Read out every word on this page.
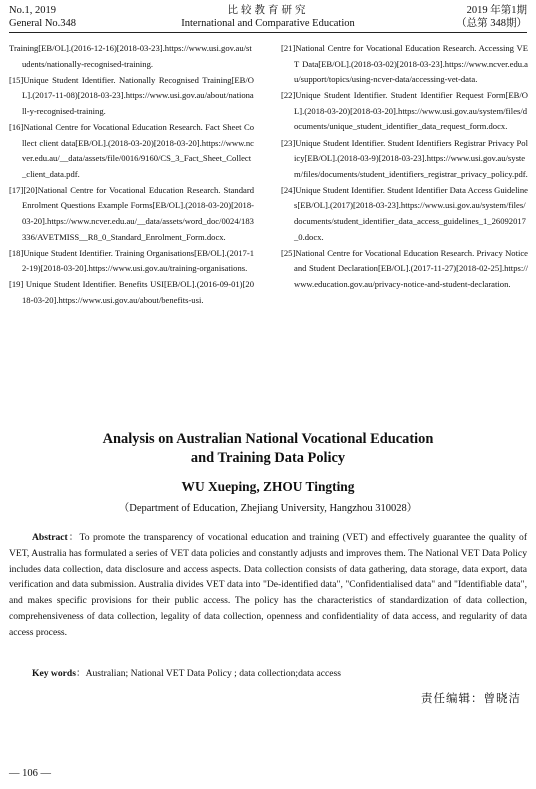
No.1, 2019
General No.348
比较教育研究
International and Comparative Education
2019 年第1期
（总第 348期）

Training[EB/OL].(2016-12-16)[2018-03-23].https://www.usi.gov.au/students/nationally-recognised-training.

[15]Unique Student Identifier. Nationally Recognised Training[EB/OL].(2017-11-08)[2018-03-23].https://www.usi.gov.au/about/nationall-y-recognised-training.

[16]National Centre for Vocational Education Research. Fact Sheet Collect client data[EB/OL].(2018-03-20)[2018-03-20].https://www.ncver.edu.au/__data/assets/file/0016/9160/CS_3_Fact_Sheet_Collect_client_data.pdf.

[17][20]National Centre for Vocational Education Research. Standard Enrolment Questions Example Forms[EB/OL].(2018-03-20)[2018-03-20].https://www.ncver.edu.au/__data/assets/word_doc/0024/183336/AVETMISS__R8_0_Standard_Enrolment_Form.docx.

[18]Unique Student Identifier. Training Organisations[EB/OL].(2017-12-19)[2018-03-20].https://www.usi.gov.au/training-organisations.

[19] Unique Student Identifier. Benefits USI[EB/OL].(2016-09-01)[2018-03-20].https://www.usi.gov.au/about/benefits-usi.

[21]National Centre for Vocational Education Research. Accessing VET Data[EB/OL].(2018-03-02)[2018-03-23].https://www.ncver.edu.au/support/topics/using-ncver-data/accessing-vet-data.

[22]Unique Student Identifier. Student Identifier Request Form[EB/OL].(2018-03-20)[2018-03-20].https://www.usi.gov.au/system/files/documents/unique_student_identifier_data_request_form.docx.

[23]Unique Student Identifier. Student Identifiers Registrar Privacy Policy[EB/OL].(2018-03-9)[2018-03-23].https://www.usi.gov.au/system/files/documents/student_identifiers_registrar_privacy_policy.pdf.

[24]Unique Student Identifier. Student Identifier Data Access Guidelines[EB/OL].(2017)[2018-03-23].https://www.usi.gov.au/system/files/documents/student_identifier_data_access_guidelines_1_26092017_0.docx.

[25]National Centre for Vocational Education Research. Privacy Notice and Student Declaration[EB/OL].(2017-11-27)[2018-02-25].https://www.education.gov.au/privacy-notice-and-student-declaration.

Analysis on Australian National Vocational Education
and Training Data Policy
WU Xueping, ZHOU Tingting
（Department of Education, Zhejiang University, Hangzhou 310028）
Abstract：To promote the transparency of vocational education and training (VET) and effectively guarantee the quality of VET, Australia has formulated a series of VET data policies and constantly adjusts and improves them. The National VET Data Policy includes data collection, data disclosure and access aspects. Data collection consists of data gathering, data storage, data export, data verification and data submission. Australia divides VET data into "De-identified data", "Confidentialised data" and "Identifiable data", and makes specific provisions for their public access. The policy has the characteristics of standardization of data collection, comprehensiveness of data collection, legality of data collection, openness and confidentiality of data access, and regularity of data access process.
Key words：Australian; National VET Data Policy ; data collection;data access
责任编辑：曾晓洁
— 106 —
